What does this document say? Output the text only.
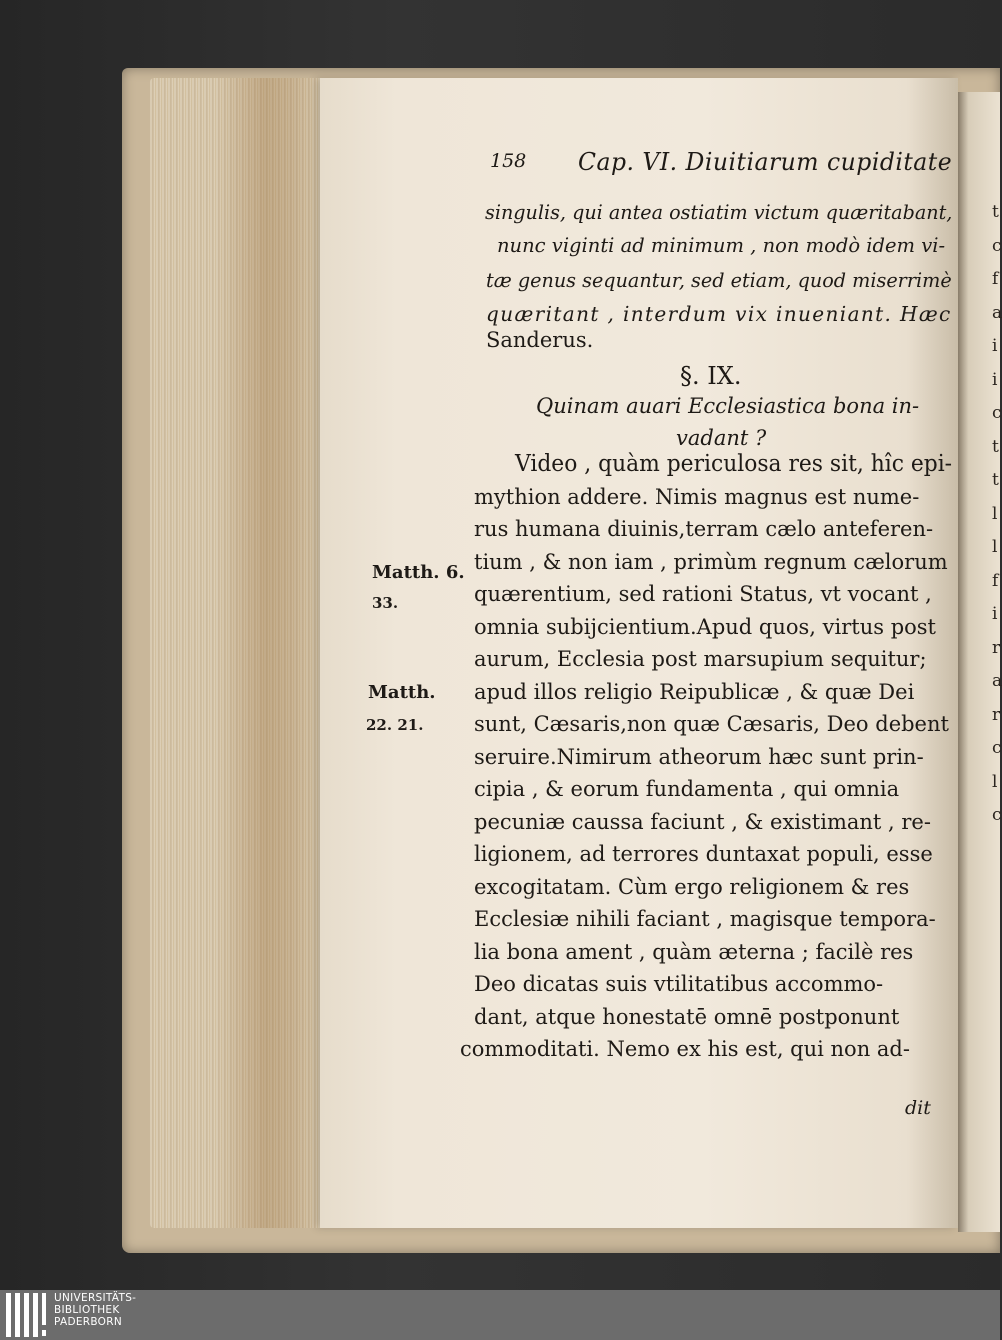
t
c
f
a
i
i
c
t
t
l
l
f
i
r
a
r
c
l
c
158 Cap. VI. Diuitiarum cupiditate
singulis, qui antea ostiatim victum quæritabant,
nunc viginti ad minimum , non modò idem vi-
tæ genus sequantur, sed etiam, quod miserrimè
quæritant , interdum vix inueniant. Hæc
Sanderus.
§. IX.
Quinam auari Ecclesiastica bona in-
vadant ?
Video , quàm periculosa res sit, hîc epi-
mythion addere. Nimis magnus est nume-
rus humana diuinis,terram cælo anteferen-
tium , & non iam , primùm regnum cælorum
quærentium, sed rationi Status, vt vocant ,
omnia subijcientium.Apud quos, virtus post
aurum, Ecclesia post marsupium sequitur;
apud illos religio Reipublicæ , & quæ Dei
sunt, Cæsaris,non quæ Cæsaris, Deo debent
seruire.Nimirum atheorum hæc sunt prin-
cipia , & eorum fundamenta , qui omnia
pecuniæ caussa faciunt , & existimant , re-
ligionem, ad terrores duntaxat populi, esse
excogitatam. Cùm ergo religionem & res
Ecclesiæ nihili faciant , magisque tempora-
lia bona ament , quàm æterna ; facilè res
Deo dicatas suis vtilitatibus accommo-
dant, atque honestatē omnē postponunt
commoditati. Nemo ex his est, qui non ad-
dit
Matth. 6.
33.
Matth.
22. 21.
UNIVERSITÄTS-
BIBLIOTHEK
PADERBORN
